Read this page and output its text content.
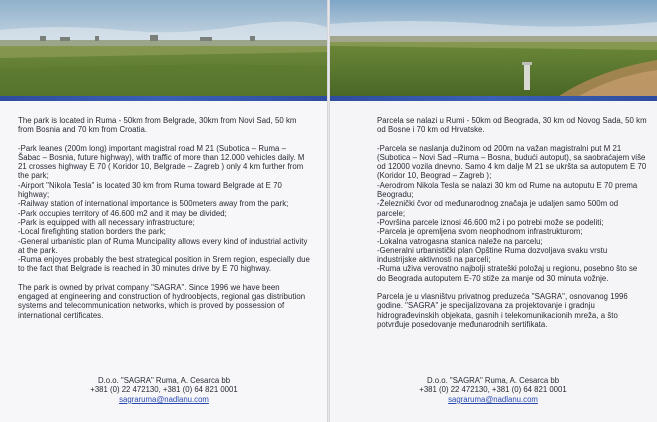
The park is located in Ruma - 50km from Belgrade, 30km from Novi Sad, 50 km from Bosnia and 70 km from Croatia.

-Park leanes (200m long) important magistral road M 21 (Subotica – Ruma – Šabac – Bosnia, future highway), with traffic of more than 12.000 vehicles daily. M 21 crosses highway E 70 ( Koridor 10, Belgrade – Zagreb ) only 4 km further from the park;
-Airport "Nikola Tesla" is located 30 km from Ruma toward Belgrade at E 70 highway;
-Railway station of international importance is 500meters away from the park;
-Park occupies territory of 46.600 m2 and it may be divided;
-Park is equipped with all necessary infrastructure;
-Local firefighting station borders the park;
-General urbanistic plan of Ruma Muncipality allows every kind of industrial activity at the park.
-Ruma enjoyes probably the best strategical position in Srem region, especially due to the fact that Belgrade is reached in 30 minutes drive by E 70 highway.

The park is owned by privat company "SAGRA". Since 1996 we have been engaged at engineering and construction of hydroobjects, regional gas distribution systems and telecommunication networks, which is proved by possession of international certificates.

D.o.o. "SAGRA" Ruma, A. Cesarca bb
+381 (0) 22 472130, +381 (0) 64 821 0001
sagraruma@nadlanu.com

Parcela se nalazi u Rumi - 50km od Beograda, 30 km od Novog Sada, 50 km od Bosne i 70 km od Hrvatske.

-Parcela se naslanja dužinom od 200m na važan magistralni put M 21 (Subotica – Novi Sad –Ruma – Bosna, budući autoput), sa saobraćajem više od 12000 vozila dnevno. Samo 4 km dalje M 21 se ukršta sa autoputem E 70 (Koridor 10, Beograd – Zagreb );
-Aerodrom Nikola Tesla se nalazi 30 km od Rume na autoputu E 70 prema Beogradu;
-Železnički čvor od međunarodnog značaja je udaljen samo 500m od parcele;
-Površina parcele iznosi 46.600 m2 i po potrebi može se podeliti;
-Parcela je opremljena svom neophodnom infrastrukturom;
-Lokalna vatrogasna stanica naleže na parcelu;
-Generalni urbanistički plan Opštine Ruma dozvoljava svaku vrstu industrijske aktivnosti na parceli;
-Ruma uživa verovatno najbolji strateški položaj u regionu, posebno što se do Beograda autoputem E-70 stiže za manje od 30 minuta vožnje.

Parcela je u vlasništvu privatnog preduzeća "SAGRA", osnovanog 1996 godine. "SAGRA" je specijalizovana za projektovanje i gradnju hidrograđevinskih objekata, gasnih i telekomunikacionih mreža, a što potvrđuje posedovanje međunarodnih sertifikata.

D.o.o. "SAGRA" Ruma, A. Cesarca bb
+381 (0) 22 472130, +381 (0) 64 821 0001
sagraruma@nadlanu.com
